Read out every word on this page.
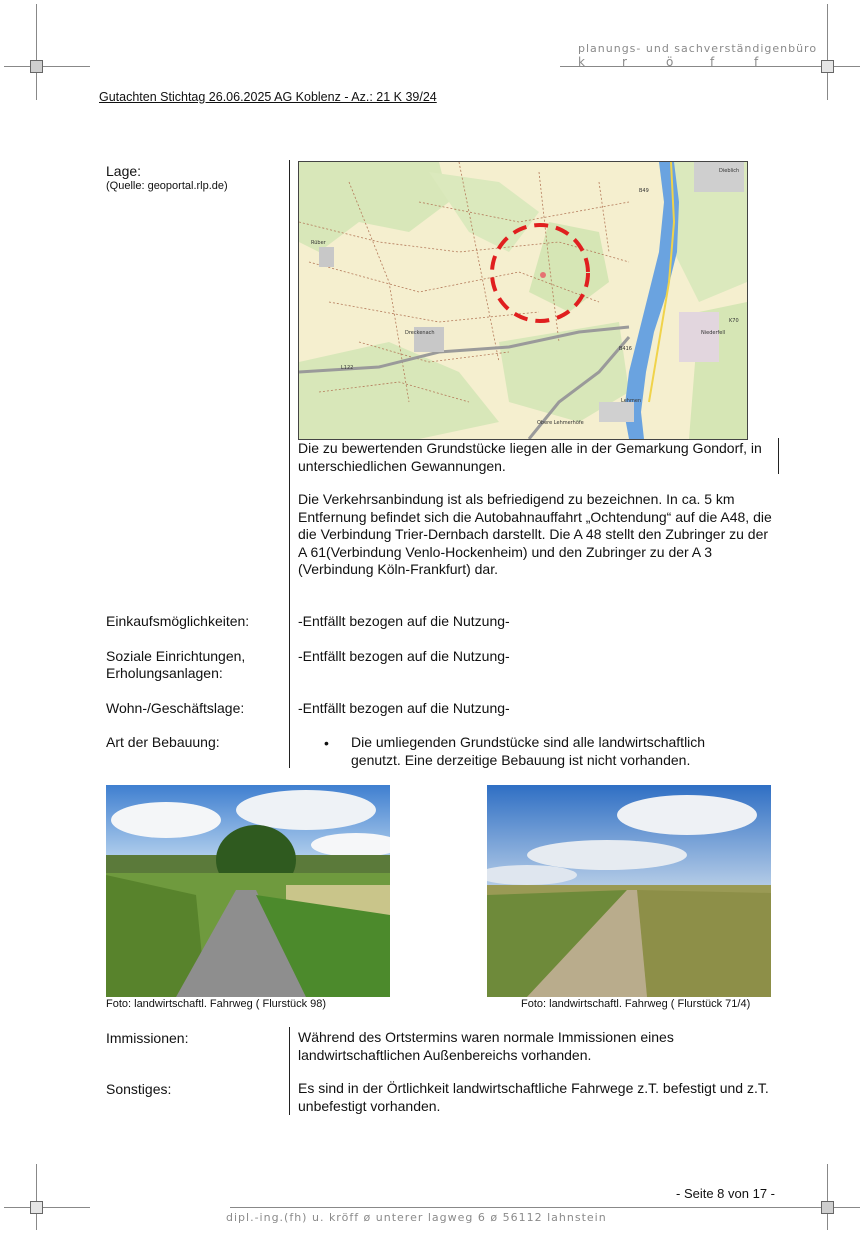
planungs- und sachverständigenbüro
k	r	ö	f	f
Gutachten Stichtag 26.06.2025 AG Koblenz - Az.: 21 K 39/24
Lage:
(Quelle: geoportal.rlp.de)
Dreckenach	Niederfell
Obere Lehmerhöfe
Lehmen
Rüber
Dieblich
L122
B49
B416
K70
Die zu bewertenden Grundstücke liegen alle in der Gemarkung Gondorf, in unterschiedlichen Gewannungen.
Die Verkehrsanbindung ist als befriedigend zu bezeichnen. In ca. 5 km Entfernung befindet sich die Autobahnauffahrt „Ochtendung“ auf die A48, die die Verbindung Trier-Dernbach darstellt. Die A 48 stellt den Zubringer zu der A 61(Verbindung Venlo-Hockenheim) und den Zubringer zu der A 3 (Verbindung Köln-Frankfurt) dar.
Einkaufsmöglichkeiten:	-Entfällt bezogen auf die Nutzung-
Soziale Einrichtungen, Erholungsanlagen:
-Entfällt bezogen auf die Nutzung-
Wohn-/Geschäftslage:	-Entfällt bezogen auf die Nutzung-
Art der Bebauung:	• Die umliegenden Grundstücke sind alle landwirtschaftlich genutzt. Eine derzeitige Bebauung ist nicht vorhanden.
Foto: landwirtschaftl. Fahrweg ( Flurstück 98)	Foto: landwirtschaftl. Fahrweg ( Flurstück 71/4)
Immissionen:	Während des Ortstermins waren normale Immissionen eines landwirtschaftlichen Außenbereichs vorhanden.
Sonstiges:	Es sind in der Örtlichkeit landwirtschaftliche Fahrwege z.T. befestigt und z.T. unbefestigt vorhanden.
- Seite 8 von 17 -
dipl.-ing.(fh) u. kröff ø unterer lagweg 6 ø 56112 lahnstein
